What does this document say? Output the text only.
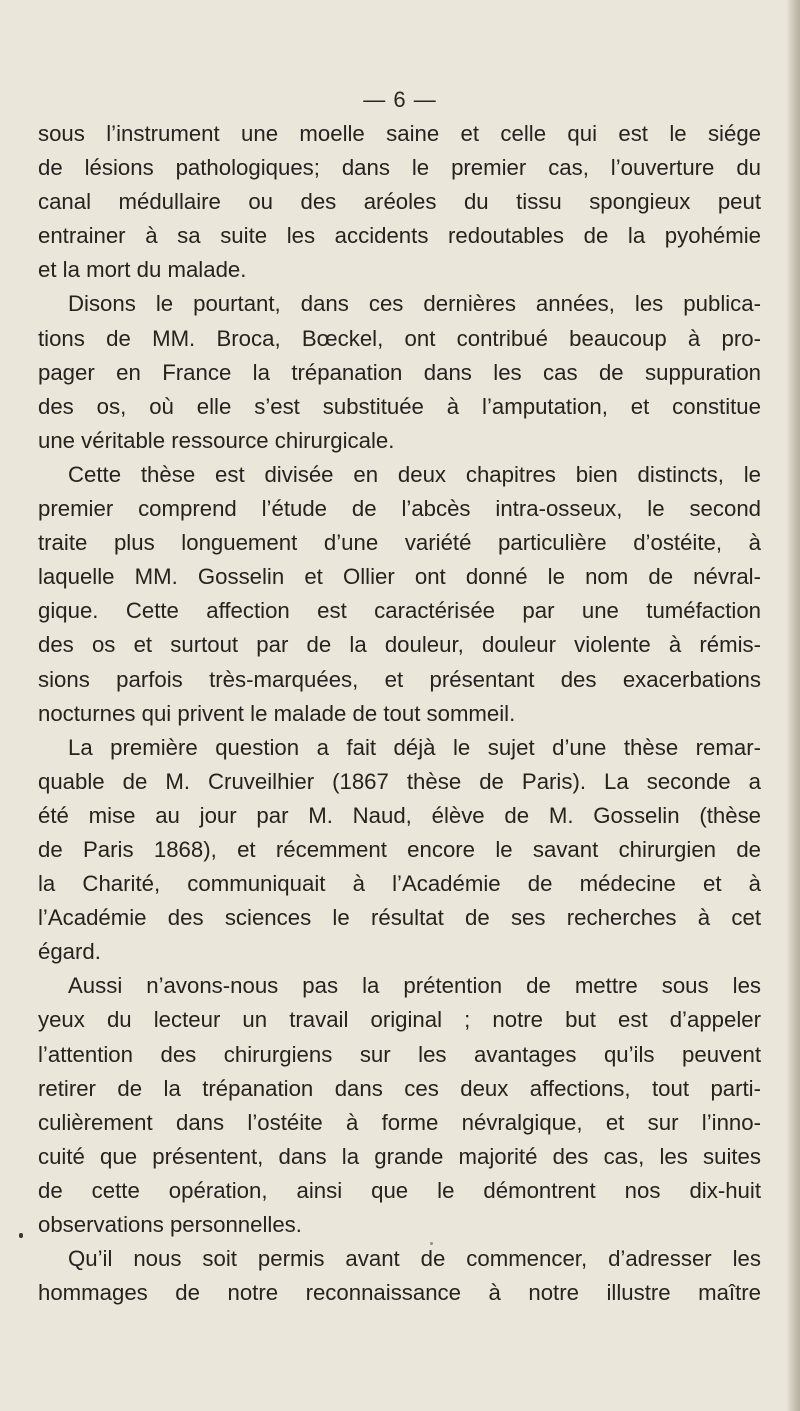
— 6 —
sous l’instrument une moelle saine et celle qui est le siége
de lésions pathologiques; dans le premier cas, l’ouverture du
canal médullaire ou des aréoles du tissu spongieux peut
entrainer à sa suite les accidents redoutables de la pyohémie
et la mort du malade.
Disons le pourtant, dans ces dernières années, les publica-
tions de MM. Broca, Bœckel, ont contribué beaucoup à pro-
pager en France la trépanation dans les cas de suppuration
des os, où elle s’est substituée à l’amputation, et constitue
une véritable ressource chirurgicale.
Cette thèse est divisée en deux chapitres bien distincts, le
premier comprend l’étude de l’abcès intra-osseux, le second
traite plus longuement d’une variété particulière d’ostéite, à
laquelle MM. Gosselin et Ollier ont donné le nom de névral-
gique. Cette affection est caractérisée par une tuméfaction
des os et surtout par de la douleur, douleur violente à rémis-
sions parfois très-marquées, et présentant des exacerbations
nocturnes qui privent le malade de tout sommeil.
La première question a fait déjà le sujet d’une thèse remar-
quable de M. Cruveilhier (1867 thèse de Paris). La seconde a
été mise au jour par M. Naud, élève de M. Gosselin (thèse
de Paris 1868), et récemment encore le savant chirurgien de
la Charité, communiquait à l’Académie de médecine et à
l’Académie des sciences le résultat de ses recherches à cet
égard.
Aussi n’avons-nous pas la prétention de mettre sous les
yeux du lecteur un travail original ; notre but est d’appeler
l’attention des chirurgiens sur les avantages qu’ils peuvent
retirer de la trépanation dans ces deux affections, tout parti-
culièrement dans l’ostéite à forme névralgique, et sur l’inno-
cuité que présentent, dans la grande majorité des cas, les suites
de cette opération, ainsi que le démontrent nos dix-huit
observations personnelles.
Qu’il nous soit permis avant de commencer, d’adresser les
hommages de notre reconnaissance à notre illustre maître
